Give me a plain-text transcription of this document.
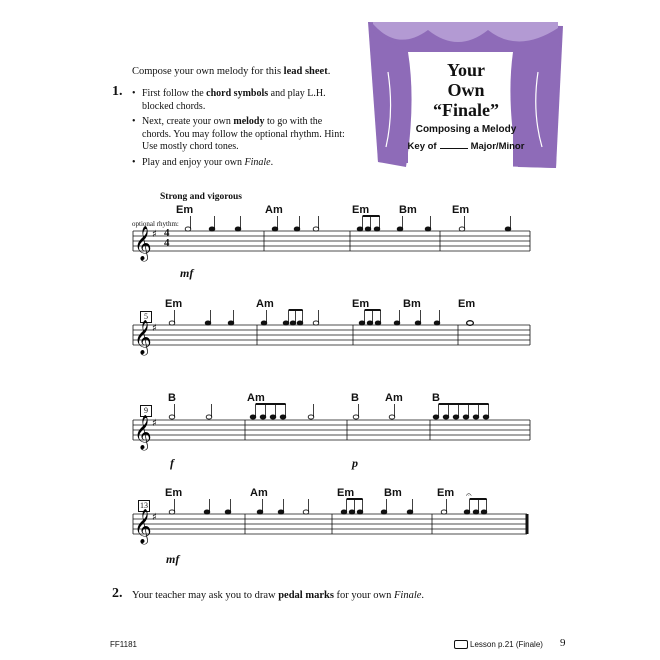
Compose your own melody for this lead sheet.
1.
•	First follow the chord symbols and play L.H. blocked chords.
• Next, create your own melody to go with the chords. You may follow the optional rhythm. Hint: Use mostly chord tones.
• Play and enjoy your own Finale.
Your
Own
“Finale”
Composing a Melody
Key of	Major/Minor
Strong and vigorous
optional rhythm:
Em	Am	Em	Bm	Em
Em	Am	Em	Bm	Em
B	Am	B Am	B
Em	Am	Em	Bm	Em
5
9
13
mf
f	p
mf
4
4
𝄞 ♯
𝄞 ♯
𝄞 ♯
𝄞 ♯
𝄐
2. Your teacher may ask you to draw pedal marks for your own Finale.
FF1181	Lesson p.21 (Finale) 9
